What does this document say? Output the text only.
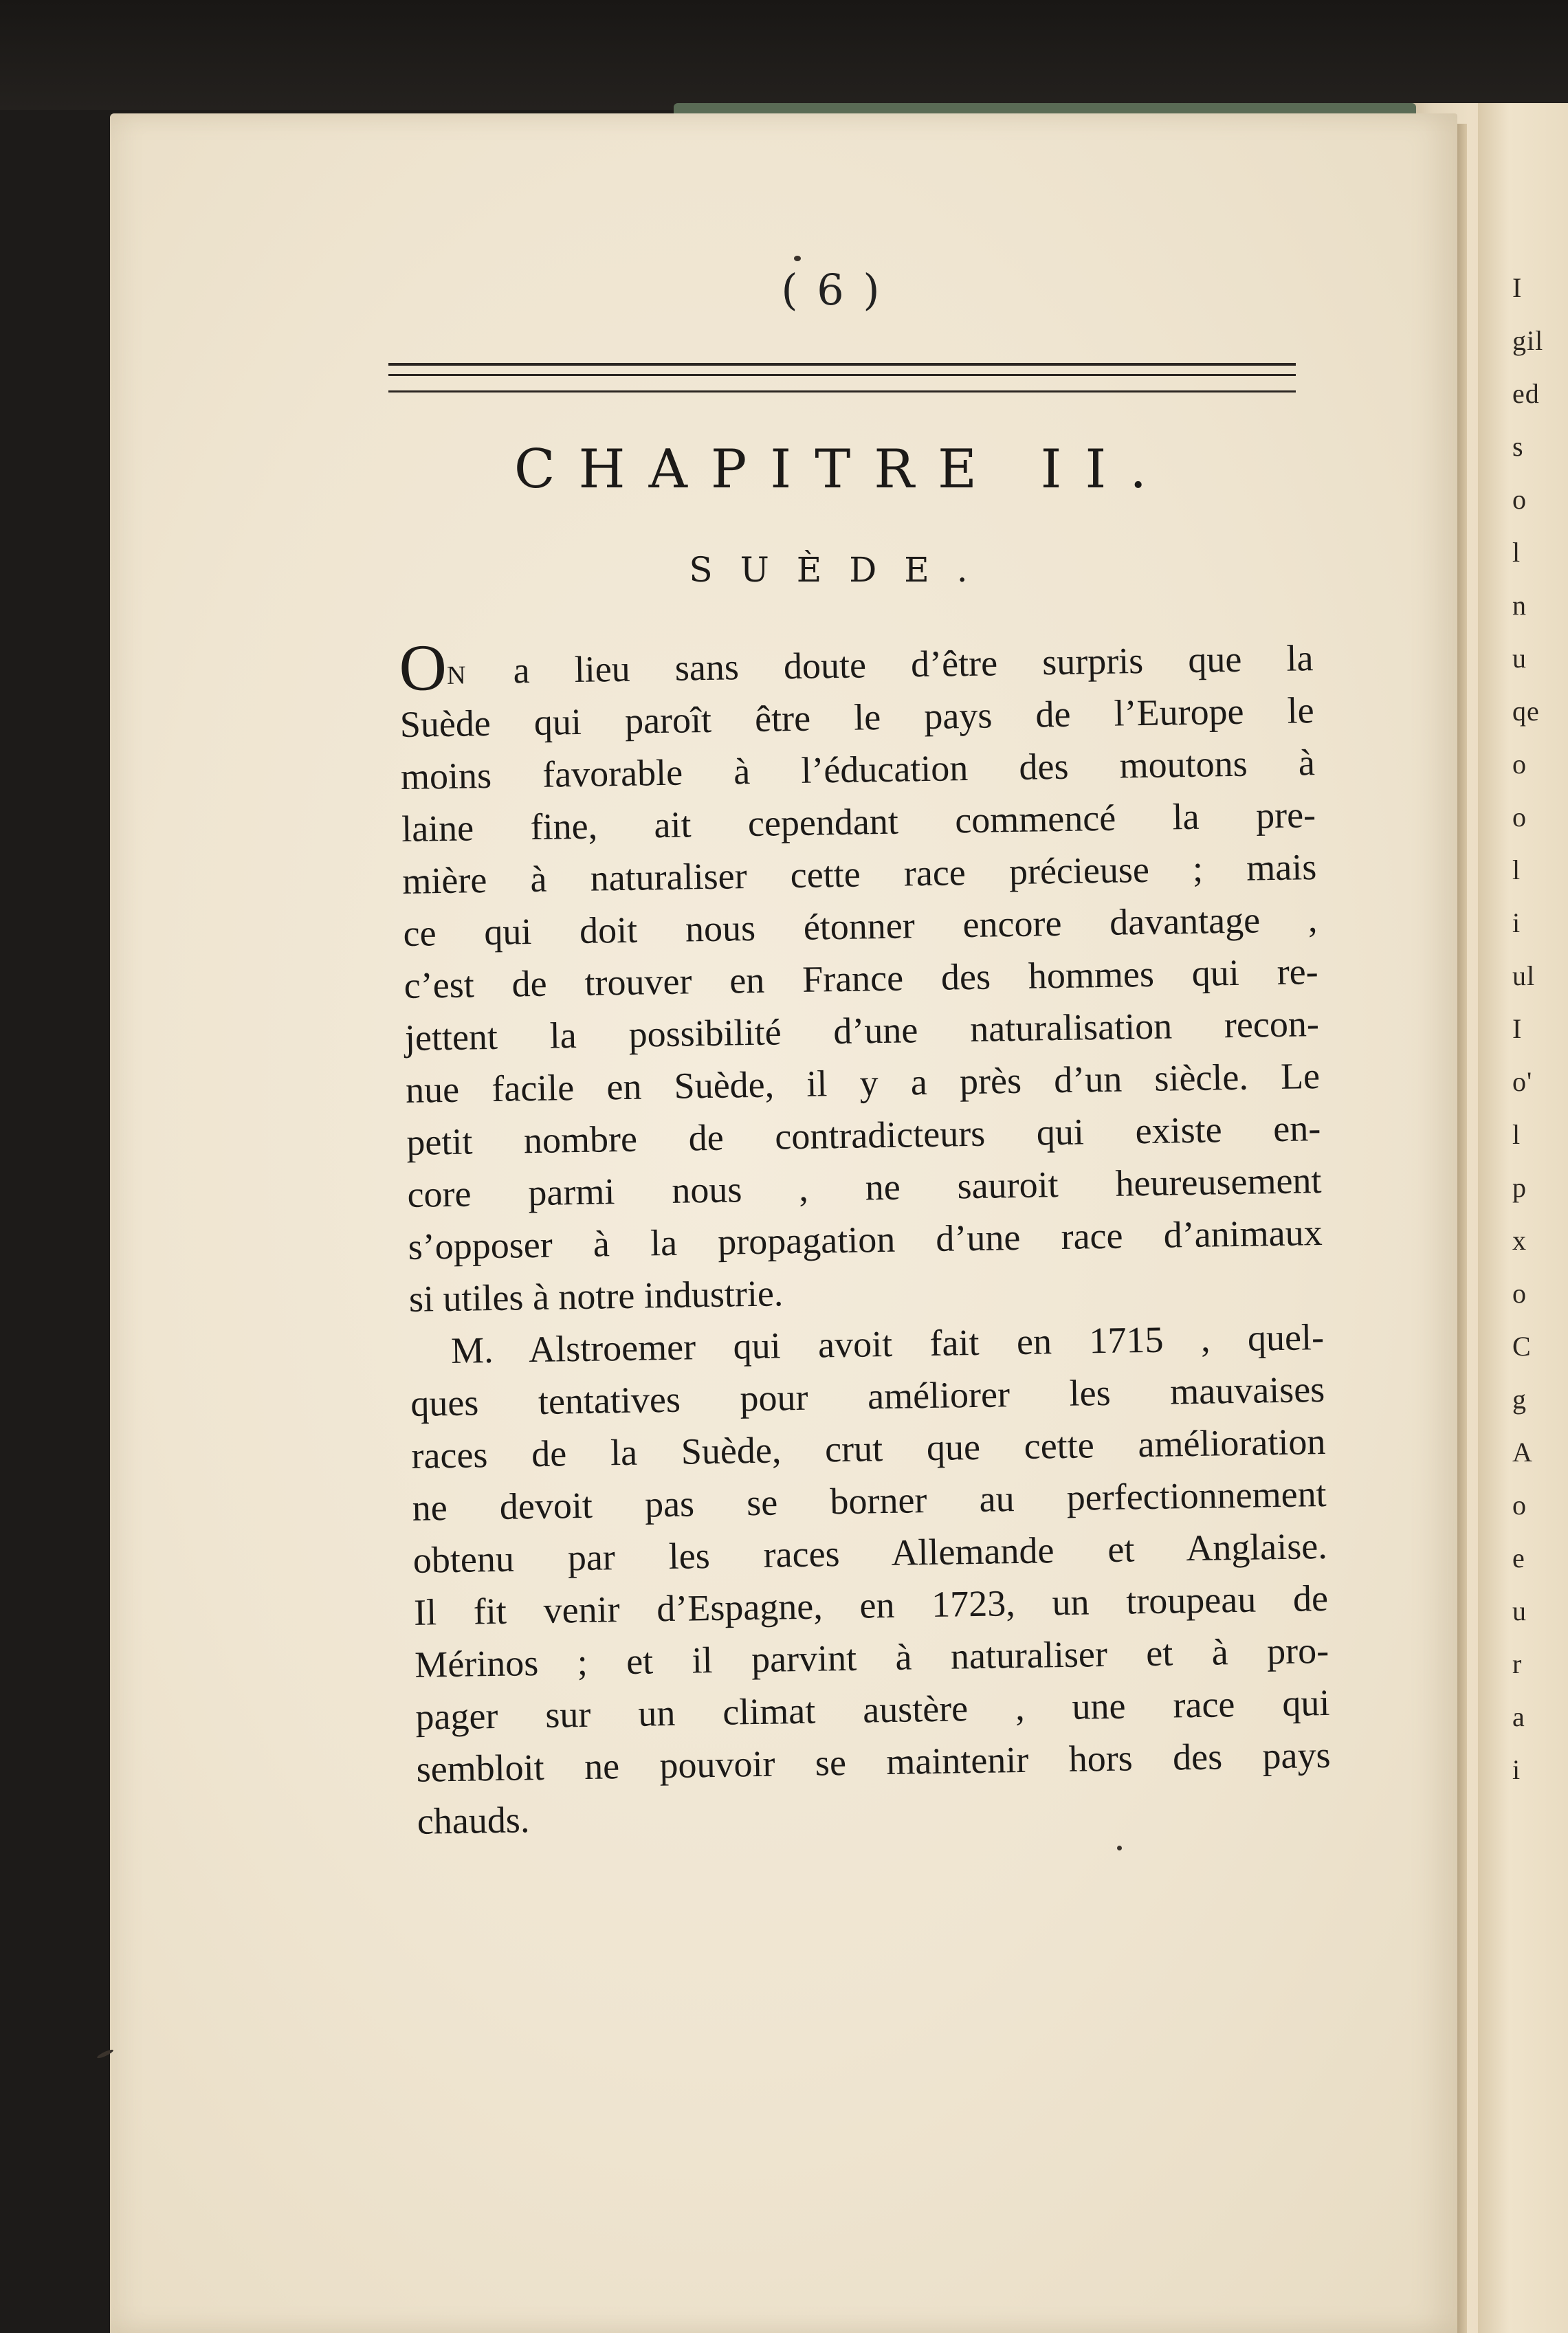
I
gil
ed
s
o
l
n
u
qe
o
o
l
i
ul
I
o'
l
p
x
o
C
g
A
o
e
u
r
a
i
( 6 )
CHAPITRE II.
SUÈDE.
ON a lieu sans doute d’être surpris que la
Suède qui paroît être le pays de l’Europe le
moins favorable à l’éducation des moutons à
laine fine, ait cependant commencé la pre-
mière à naturaliser cette race précieuse ; mais
ce qui doit nous étonner encore davantage ,
c’est de trouver en France des hommes qui re-
jettent la possibilité d’une naturalisation recon-
nue facile en Suède, il y a près d’un siècle. Le
petit nombre de contradicteurs qui existe en-
core parmi nous , ne sauroit heureusement
s’opposer à la propagation d’une race d’animaux
si utiles à notre industrie.
M. Alstroemer qui avoit fait en 1715 , quel-
ques tentatives pour améliorer les mauvaises
races de la Suède, crut que cette amélioration
ne devoit pas se borner au perfectionnement
obtenu par les races Allemande et Anglaise.
Il fit venir d’Espagne, en 1723, un troupeau de
Mérinos ; et il parvint à naturaliser et à pro-
pager sur un climat austère , une race qui
sembloit ne pouvoir se maintenir hors des pays
chauds.
